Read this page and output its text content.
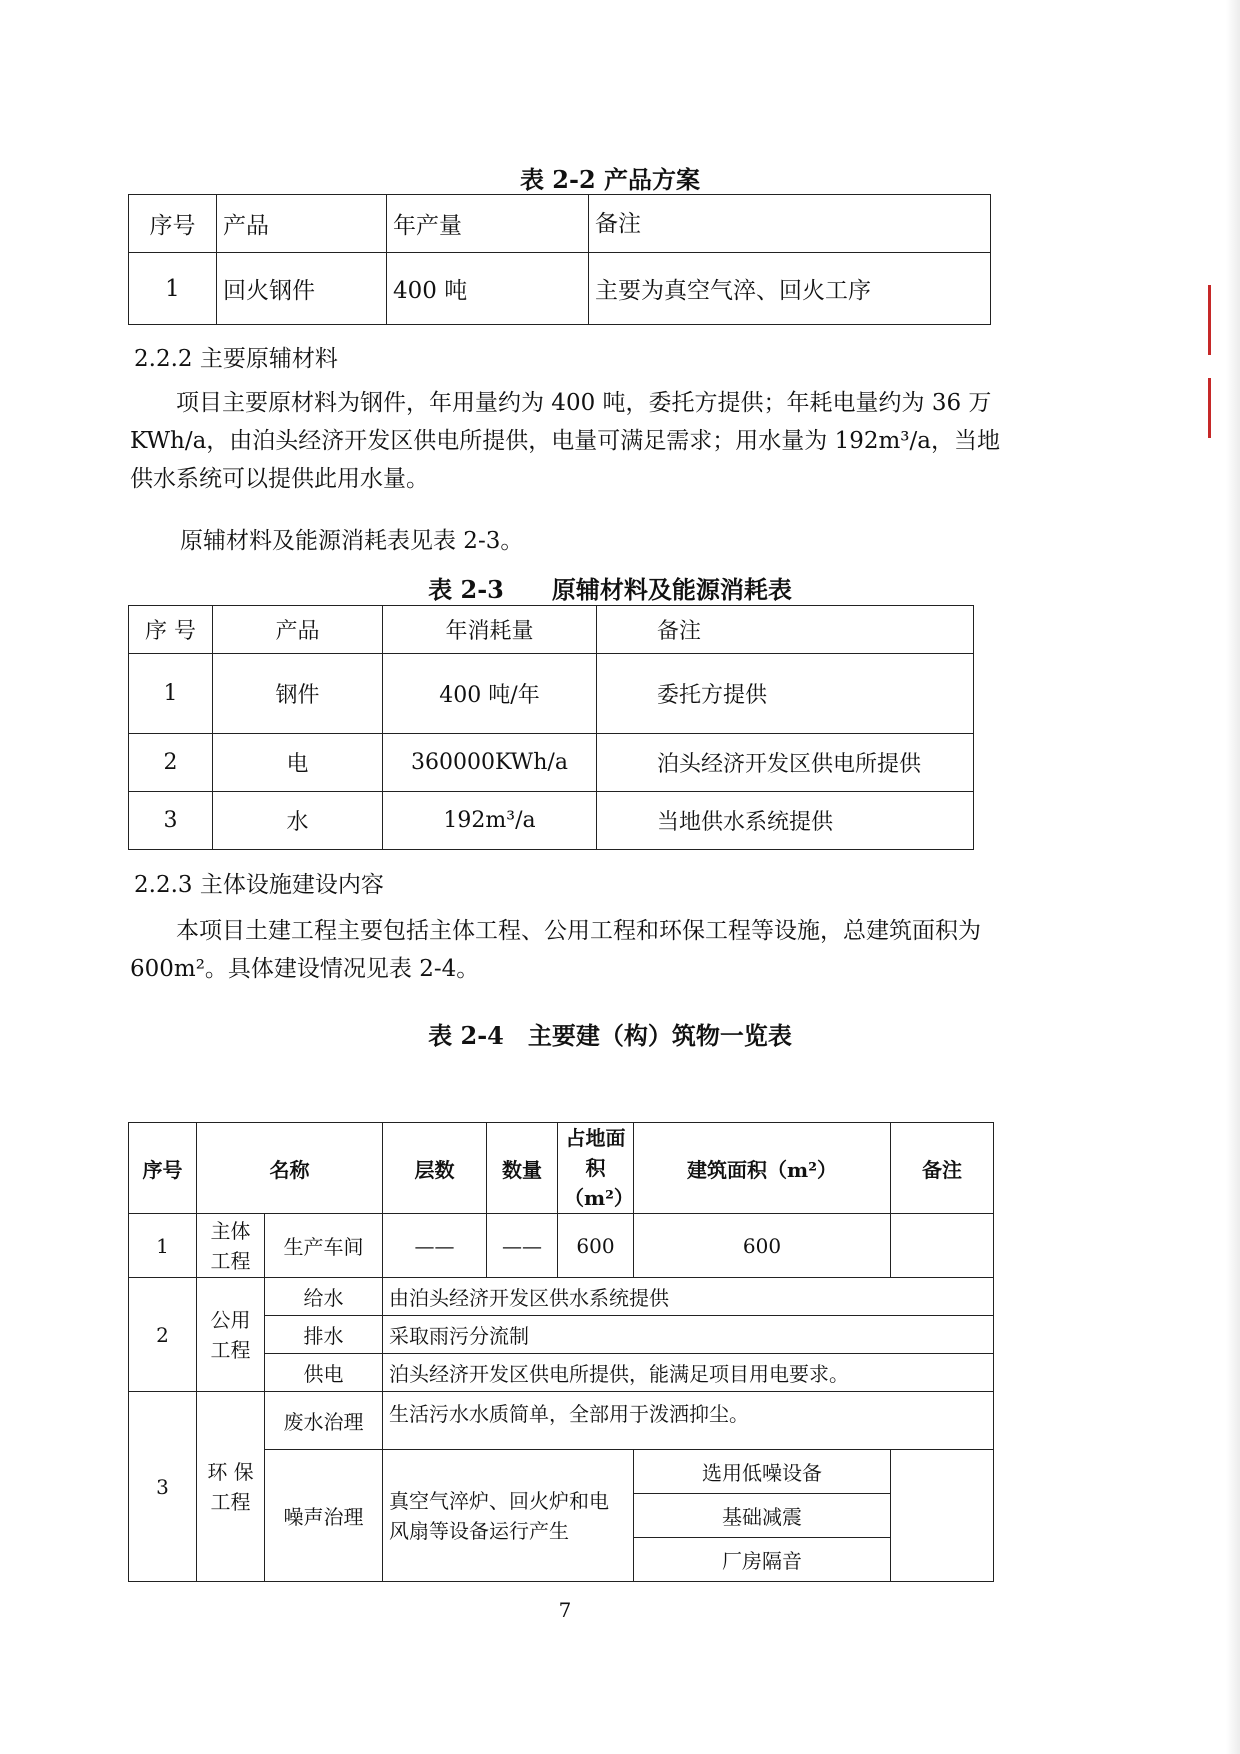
表 2-2 产品方案
序号	产品	年产量	备注
1	回火钢件	400 吨	主要为真空气淬、回火工序
2.2.2 主要原辅材料
项目主要原材料为钢件，年用量约为 400 吨，委托方提供；年耗电量约为 36 万 KWh/a，由泊头经济开发区供电所提供，电量可满足需求；用水量为 192m³/a，当地供水系统可以提供此用水量。
原辅材料及能源消耗表见表 2-3。
表 2-3　　原辅材料及能源消耗表
序 号	产品	年消耗量	备注
1	钢件	400 吨/年	委托方提供
2	电	360000KWh/a	泊头经济开发区供电所提供
3	水	192m³/a	当地供水系统提供
2.2.3 主体设施建设内容
本项目土建工程主要包括主体工程、公用工程和环保工程等设施，总建筑面积为 600m²。具体建设情况见表 2-4。
表 2-4　主要建（构）筑物一览表
序号	名称		层数	数量	占地面积（m²）	建筑面积（m²）	备注
1	主体工程	生产车间	——	——	600	600	
2	公用工程	给水	由泊头经济开发区供水系统提供				
		排水	采取雨污分流制				
		供电	泊头经济开发区供电所提供，能满足项目用电要求。				
3	环 保工程	废水治理	生活污水水质简单，全部用于泼洒抑尘。				
		噪声治理	真空气淬炉、回火炉和电风扇等设备运行产生			选用低噪设备	
						基础减震	
						厂房隔音	
7
